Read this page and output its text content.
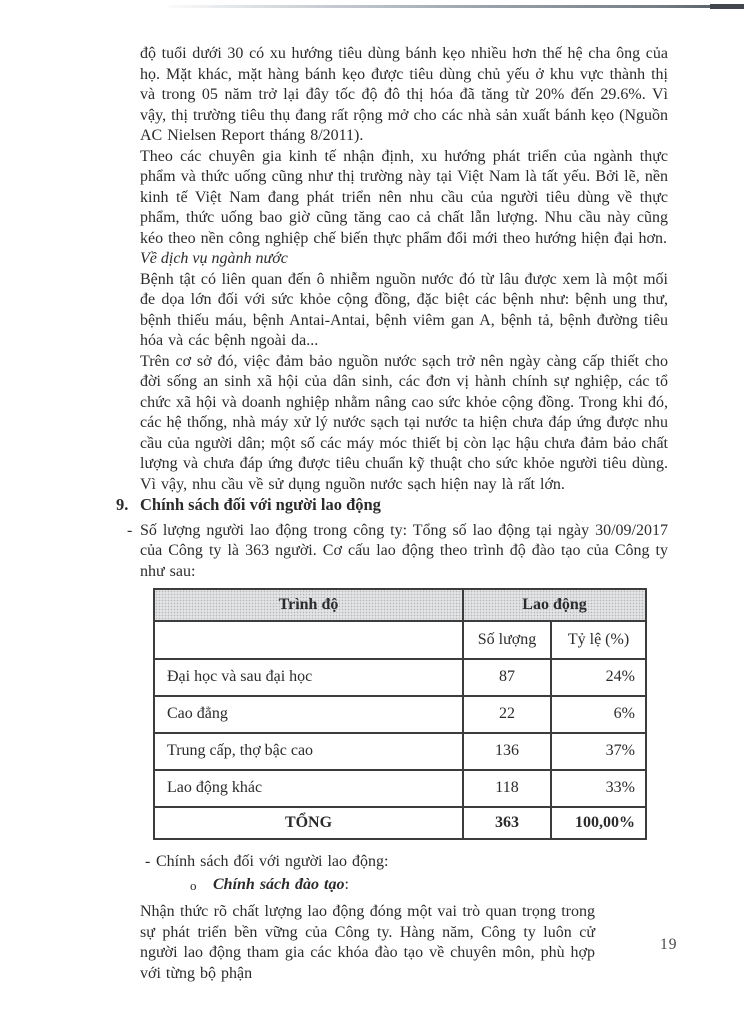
độ tuổi dưới 30 có xu hướng tiêu dùng bánh kẹo nhiều hơn thế hệ cha ông của họ. Mặt khác, mặt hàng bánh kẹo được tiêu dùng chủ yếu ở khu vực thành thị và trong 05 năm trở lại đây tốc độ đô thị hóa đã tăng từ 20% đến 29.6%. Vì vậy, thị trường tiêu thụ đang rất rộng mở cho các nhà sản xuất bánh kẹo (Nguồn AC Nielsen Report tháng 8/2011).

Theo các chuyên gia kinh tế nhận định, xu hướng phát triển của ngành thực phẩm và thức uống cũng như thị trường này tại Việt Nam là tất yếu. Bởi lẽ, nền kinh tế Việt Nam đang phát triển nên nhu cầu của người tiêu dùng về thực phẩm, thức uống bao giờ cũng tăng cao cả chất lẫn lượng. Nhu cầu này cũng kéo theo nền công nghiệp chế biến thực phẩm đổi mới theo hướng hiện đại hơn.

Về dịch vụ ngành nước

Bệnh tật có liên quan đến ô nhiễm nguồn nước đó từ lâu được xem là một mối đe dọa lớn đối với sức khỏe cộng đồng, đặc biệt các bệnh như: bệnh ung thư, bệnh thiếu máu, bệnh Antai-Antai, bệnh viêm gan A, bệnh tả, bệnh đường tiêu hóa và các bệnh ngoài da...

Trên cơ sở đó, việc đảm bảo nguồn nước sạch trở nên ngày càng cấp thiết cho đời sống an sinh xã hội của dân sinh, các đơn vị hành chính sự nghiệp, các tổ chức xã hội và doanh nghiệp nhằm nâng cao sức khỏe cộng đồng. Trong khi đó, các hệ thống, nhà máy xử lý nước sạch tại nước ta hiện chưa đáp ứng được nhu cầu của người dân; một số các máy móc thiết bị còn lạc hậu chưa đảm bảo chất lượng và chưa đáp ứng được tiêu chuẩn kỹ thuật cho sức khỏe người tiêu dùng. Vì vậy, nhu cầu về sử dụng nguồn nước sạch hiện nay là rất lớn.

9. Chính sách đối với người lao động
- Số lượng người lao động trong công ty: Tổng số lao động tại ngày 30/09/2017 của Công ty là 363 người. Cơ cấu lao động theo trình độ đào tạo của Công ty như sau:
Trình độ	Lao động	
	Số lượng	Tỷ lệ (%)
Đại học và sau đại học	87	24%
Cao đẳng	22	6%
Trung cấp, thợ bậc cao	136	37%
Lao động khác	118	33%
TỔNG	363	100,00%
- Chính sách đối với người lao động:
o	Chính sách đào tạo:

Nhận thức rõ chất lượng lao động đóng một vai trò quan trọng trong sự phát triển bền vững của Công ty. Hàng năm, Công ty luôn cử người lao động tham gia các khóa đào tạo về chuyên môn, phù hợp với từng bộ phận

19
